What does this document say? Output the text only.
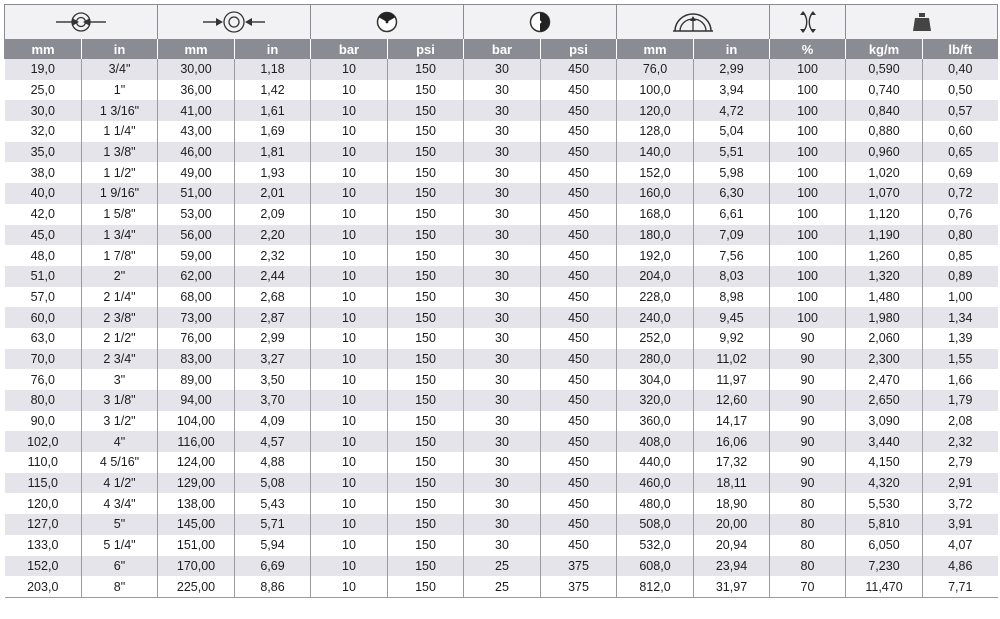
mm	in	mm	in	bar	psi	bar	psi	mm	in	%	kg/m	lb/ft
19,0	3/4"	30,00	1,18	10	150	30	450	76,0	2,99	100	0,590	0,40
25,0	1"	36,00	1,42	10	150	30	450	100,0	3,94	100	0,740	0,50
30,0	1 3/16"	41,00	1,61	10	150	30	450	120,0	4,72	100	0,840	0,57
32,0	1 1/4"	43,00	1,69	10	150	30	450	128,0	5,04	100	0,880	0,60
35,0	1 3/8"	46,00	1,81	10	150	30	450	140,0	5,51	100	0,960	0,65
38,0	1 1/2"	49,00	1,93	10	150	30	450	152,0	5,98	100	1,020	0,69
40,0	1 9/16"	51,00	2,01	10	150	30	450	160,0	6,30	100	1,070	0,72
42,0	1 5/8"	53,00	2,09	10	150	30	450	168,0	6,61	100	1,120	0,76
45,0	1 3/4"	56,00	2,20	10	150	30	450	180,0	7,09	100	1,190	0,80
48,0	1 7/8"	59,00	2,32	10	150	30	450	192,0	7,56	100	1,260	0,85
51,0	2"	62,00	2,44	10	150	30	450	204,0	8,03	100	1,320	0,89
57,0	2 1/4"	68,00	2,68	10	150	30	450	228,0	8,98	100	1,480	1,00
60,0	2 3/8"	73,00	2,87	10	150	30	450	240,0	9,45	100	1,980	1,34
63,0	2 1/2"	76,00	2,99	10	150	30	450	252,0	9,92	90	2,060	1,39
70,0	2 3/4"	83,00	3,27	10	150	30	450	280,0	11,02	90	2,300	1,55
76,0	3"	89,00	3,50	10	150	30	450	304,0	11,97	90	2,470	1,66
80,0	3 1/8"	94,00	3,70	10	150	30	450	320,0	12,60	90	2,650	1,79
90,0	3 1/2"	104,00	4,09	10	150	30	450	360,0	14,17	90	3,090	2,08
102,0	4"	116,00	4,57	10	150	30	450	408,0	16,06	90	3,440	2,32
110,0	4 5/16"	124,00	4,88	10	150	30	450	440,0	17,32	90	4,150	2,79
115,0	4 1/2"	129,00	5,08	10	150	30	450	460,0	18,11	90	4,320	2,91
120,0	4 3/4"	138,00	5,43	10	150	30	450	480,0	18,90	80	5,530	3,72
127,0	5"	145,00	5,71	10	150	30	450	508,0	20,00	80	5,810	3,91
133,0	5 1/4"	151,00	5,94	10	150	30	450	532,0	20,94	80	6,050	4,07
152,0	6"	170,00	6,69	10	150	25	375	608,0	23,94	80	7,230	4,86
203,0	8"	225,00	8,86	10	150	25	375	812,0	31,97	70	11,470	7,71
